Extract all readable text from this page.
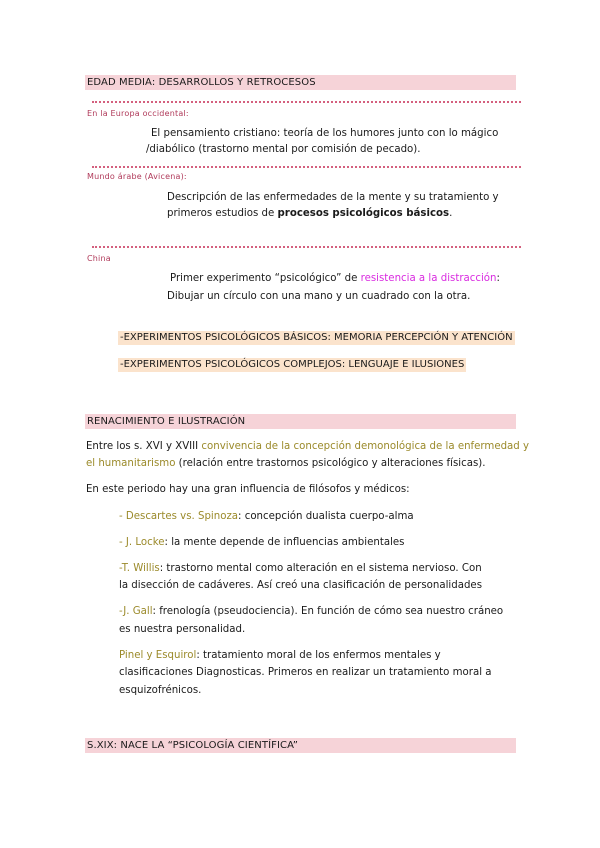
EDAD MEDIA: DESARROLLOS Y RETROCESOS
En la Europa occidental:
El pensamiento cristiano: teoría de los humores junto con lo mágico
/diabólico (trastorno mental por comisión de pecado).
Mundo árabe (Avicena):
Descripción de las enfermedades de la mente y su tratamiento y
primeros estudios de procesos psicológicos básicos.
China
Primer experimento “psicológico” de resistencia a la distracción:
Dibujar un círculo con una mano y un cuadrado con la otra.
-EXPERIMENTOS PSICOLÓGICOS BÁSICOS: MEMORIA PERCEPCIÓN Y ATENCIÓN
-EXPERIMENTOS PSICOLÓGICOS COMPLEJOS: LENGUAJE E ILUSIONES
RENACIMIENTO E ILUSTRACIÓN
Entre los s. XVI y XVIII convivencia de la concepción demonológica de la enfermedad y
el humanitarismo (relación entre trastornos psicológico y alteraciones físicas).
En este periodo hay una gran influencia de filósofos y médicos:
- Descartes vs. Spinoza: concepción dualista cuerpo-alma
- J. Locke: la mente depende de influencias ambientales
-T. Willis: trastorno mental como alteración en el sistema nervioso. Con
la disección de cadáveres. Así creó una clasificación de personalidades
-J. Gall: frenología (pseudociencia). En función de cómo sea nuestro cráneo
es nuestra personalidad.
Pinel y Esquirol: tratamiento moral de los enfermos mentales y
clasificaciones Diagnosticas. Primeros en realizar un tratamiento moral a
esquizofrénicos.
S.XIX: NACE LA “PSICOLOGÍA CIENTÍFICA”
